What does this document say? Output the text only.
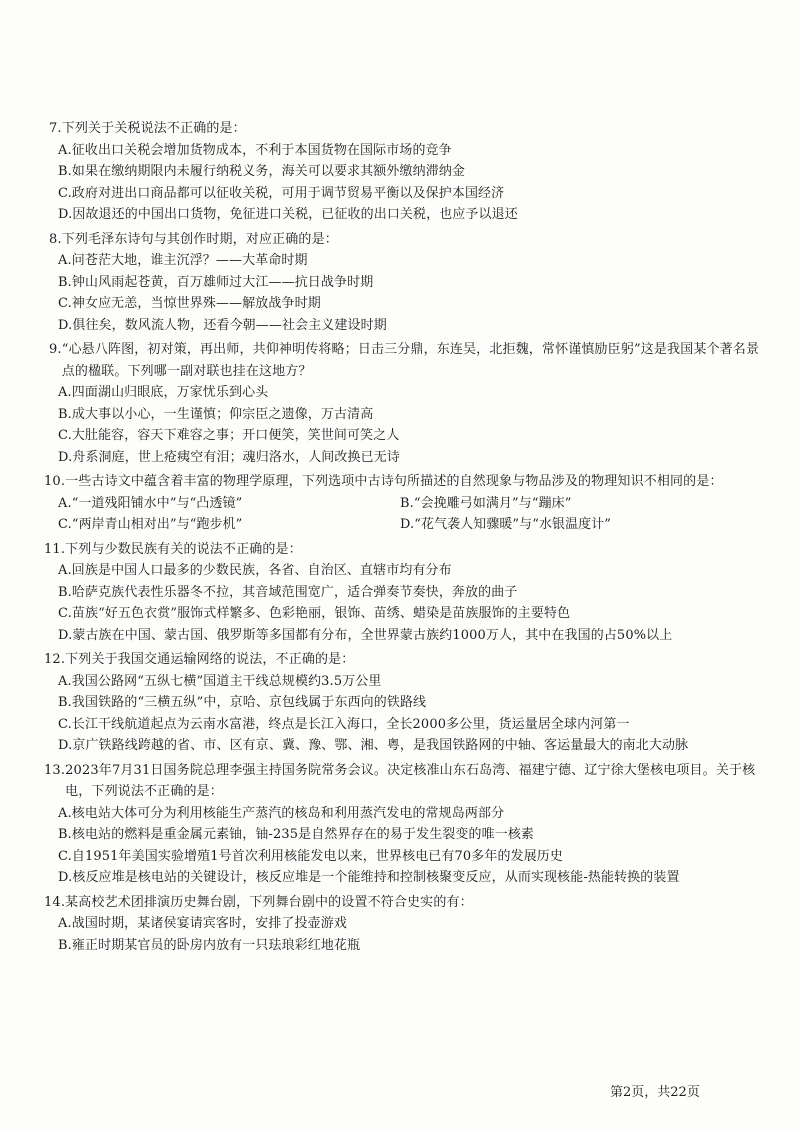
7. 下列关于关税说法不正确的是：
A.征收出口关税会增加货物成本，不利于本国货物在国际市场的竞争
B.如果在缴纳期限内未履行纳税义务，海关可以要求其额外缴纳滞纳金
C.政府对进出口商品都可以征收关税，可用于调节贸易平衡以及保护本国经济
D.因故退还的中国出口货物，免征进口关税，已征收的出口关税，也应予以退还
8. 下列毛泽东诗句与其创作时期，对应正确的是：
A.问苍茫大地，谁主沉浮？——大革命时期
B.钟山风雨起苍黄，百万雄师过大江——抗日战争时期
C.神女应无恙，当惊世界殊——解放战争时期
D.俱往矣，数风流人物，还看今朝——社会主义建设时期
9. “心悬八阵图，初对策，再出师，共仰神明传将略；日击三分鼎，东连吴，北拒魏，常怀谨慎励臣躬”这是我国某个著名景点的楹联。下列哪一副对联也挂在这地方？
A.四面湖山归眼底，万家忧乐到心头
B.成大事以小心，一生谨慎；仰宗臣之遗像，万古清高
C.大肚能容，容天下难容之事；开口便笑，笑世间可笑之人
D.舟系洞庭，世上疮痍空有泪；魂归洛水，人间改换已无诗
10. 一些古诗文中蕴含着丰富的物理学原理，下列选项中古诗句所描述的自然现象与物品涉及的物理知识不相同的是：
A.“一道残阳铺水中”与“凸透镜”	B.“会挽雕弓如满月”与“蹦床”
C.“两岸青山相对出”与“跑步机”	D.“花气袭人知骤暖”与“水银温度计”
11. 下列与少数民族有关的说法不正确的是：
A.回族是中国人口最多的少数民族，各省、自治区、直辖市均有分布
B.哈萨克族代表性乐器冬不拉，其音域范围宽广，适合弹奏节奏快，奔放的曲子
C.苗族“好五色衣赏”服饰式样繁多、色彩艳丽，银饰、苗绣、蜡染是苗族服饰的主要特色
D.蒙古族在中国、蒙古国、俄罗斯等多国都有分布，全世界蒙古族约1000万人，其中在我国的占50%以上
12. 下列关于我国交通运输网络的说法，不正确的是：
A.我国公路网“五纵七横”国道主干线总规模约3.5万公里
B.我国铁路的“三横五纵”中，京哈、京包线属于东西向的铁路线
C.长江干线航道起点为云南水富港，终点是长江入海口，全长2000多公里，货运量居全球内河第一
D.京广铁路线跨越的省、市、区有京、冀、豫、鄂、湘、粤，是我国铁路网的中轴、客运量最大的南北大动脉
13. 2023年7月31日国务院总理李强主持国务院常务会议。决定核准山东石岛湾、福建宁德、辽宁徐大堡核电项目。关于核电，下列说法不正确的是：
A.核电站大体可分为利用核能生产蒸汽的核岛和利用蒸汽发电的常规岛两部分
B.核电站的燃料是重金属元素铀，铀-235是自然界存在的易于发生裂变的唯一核素
C.自1951年美国实验增殖1号首次利用核能发电以来，世界核电已有70多年的发展历史
D.核反应堆是核电站的关键设计，核反应堆是一个能维持和控制核聚变反应，从而实现核能-热能转换的装置
14. 某高校艺术团排演历史舞台剧，下列舞台剧中的设置不符合史实的有：
A.战国时期，某诸侯宴请宾客时，安排了投壶游戏
B.雍正时期某官员的卧房内放有一只珐琅彩红地花瓶
第2页，共22页
